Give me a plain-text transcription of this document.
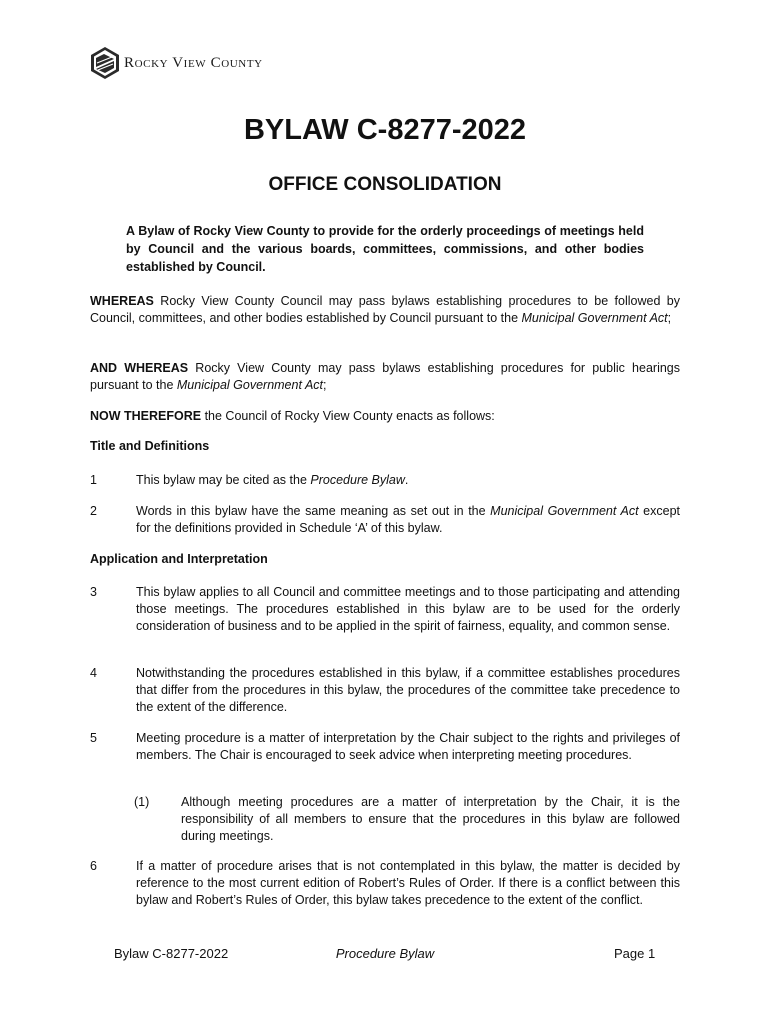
Rocky View County
BYLAW C-8277-2022
OFFICE CONSOLIDATION
A Bylaw of Rocky View County to provide for the orderly proceedings of meetings held by Council and the various boards, committees, commissions, and other bodies established by Council.

WHEREAS Rocky View County Council may pass bylaws establishing procedures to be followed by Council, committees, and other bodies established by Council pursuant to the Municipal Government Act;

AND WHEREAS Rocky View County may pass bylaws establishing procedures for public hearings pursuant to the Municipal Government Act;

NOW THEREFORE the Council of Rocky View County enacts as follows:

Title and Definitions
1	This bylaw may be cited as the Procedure Bylaw.
2	Words in this bylaw have the same meaning as set out in the Municipal Government Act except for the definitions provided in Schedule ‘A’ of this bylaw.
Application and Interpretation
3	This bylaw applies to all Council and committee meetings and to those participating and attending those meetings. The procedures established in this bylaw are to be used for the orderly consideration of business and to be applied in the spirit of fairness, equality, and common sense.
4	Notwithstanding the procedures established in this bylaw, if a committee establishes procedures that differ from the procedures in this bylaw, the procedures of the committee take precedence to the extent of the difference.
5	Meeting procedure is a matter of interpretation by the Chair subject to the rights and privileges of members. The Chair is encouraged to seek advice when interpreting meeting procedures.
(1)	Although meeting procedures are a matter of interpretation by the Chair, it is the responsibility of all members to ensure that the procedures in this bylaw are followed during meetings.
6	If a matter of procedure arises that is not contemplated in this bylaw, the matter is decided by reference to the most current edition of Robert’s Rules of Order. If there is a conflict between this bylaw and Robert’s Rules of Order, this bylaw takes precedence to the extent of the conflict.
Procedure Bylaw
Bylaw C-8277-2022	Page 1
